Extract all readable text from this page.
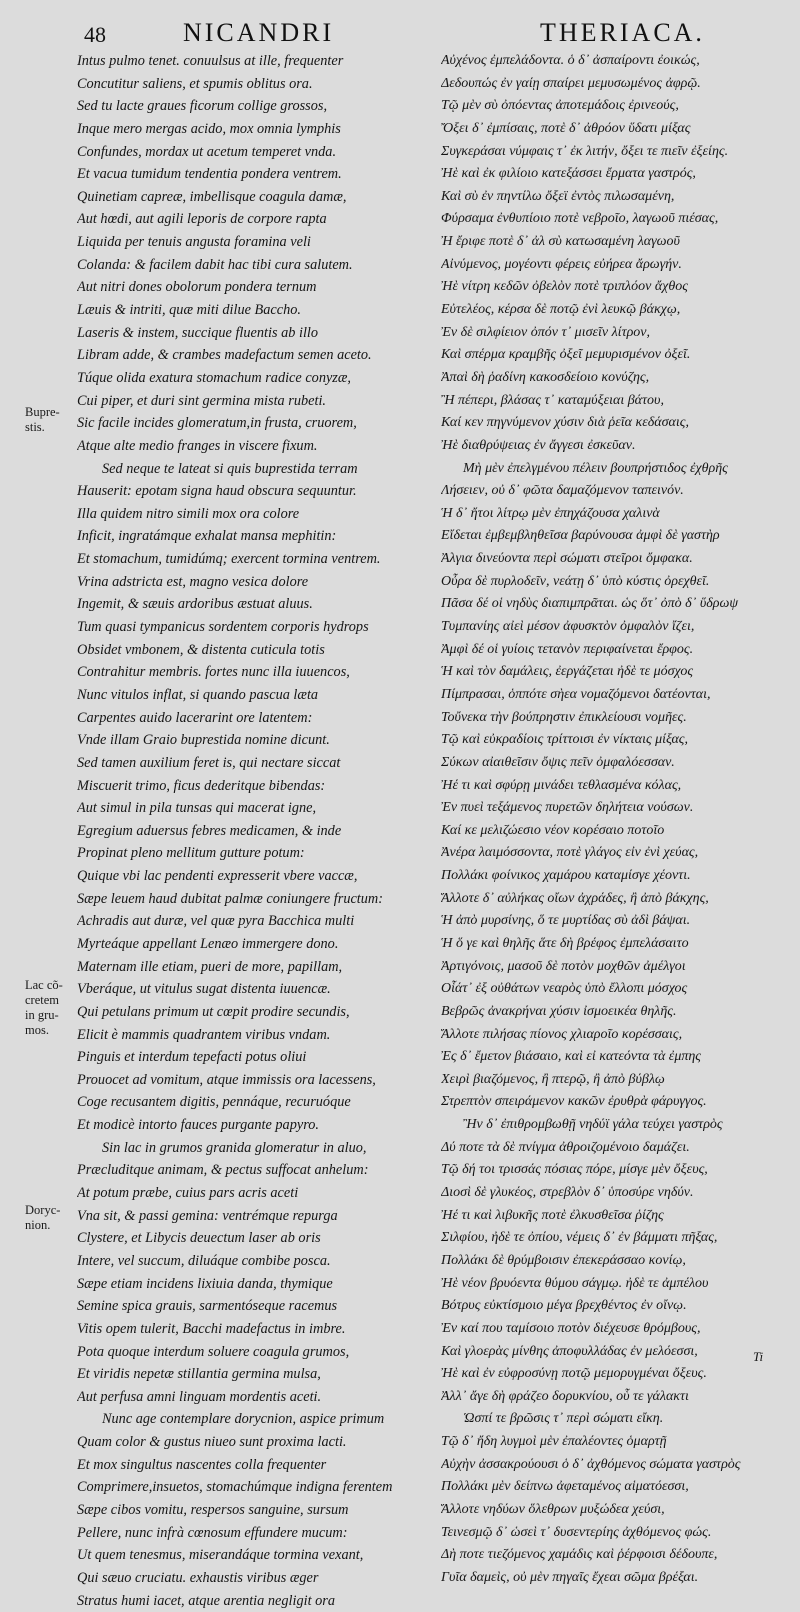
48	NICANDRI	THERIACA.
Bupre-
stis.
Lac cõ-
cretem
in gru-
mos.
Doryc-
nion.
Intus pulmo tenet. conuulsus at ille, frequenter
Concutitur saliens, et spumis oblitus ora.
Sed tu lacte graues ficorum collige grossos,
Inque mero mergas acido, mox omnia lymphis
Confundes, mordax ut acetum temperet vnda.
Et vacua tumidum tendentia pondera ventrem.
Quinetiam capreæ, imbellisque coagula damæ,
Aut hœdi, aut agili leporis de corpore rapta
Liquida per tenuis angusta foramina veli
Colanda: & facilem dabit hac tibi cura salutem.
Aut nitri dones obolorum pondera ternum
Læuis & intriti, quæ miti dilue Baccho.
Laseris & instem, succique fluentis ab illo
Libram adde, & crambes madefactum semen aceto.
Túque olida exatura stomachum radice conyzæ,
Cui piper, et duri sint germina mista rubeti.
Sic facile incides glomeratum,in frusta, cruorem,
Atque alte medio franges in viscere fixum.
Sed neque te lateat si quis buprestida terram
Hauserit: epotam signa haud obscura sequuntur.
Illa quidem nitro simili mox ora colore
Inficit, ingratámque exhalat mansa mephitin:
Et stomachum, tumidúmq; exercent tormina ventrem.
Vrina adstricta est, magno vesica dolore
Ingemit, & sæuis ardoribus æstuat aluus.
Tum quasi tympanicus sordentem corporis hydrops
Obsidet vmbonem, & distenta cuticula totis
Contrahitur membris. fortes nunc illa iuuencos,
Nunc vitulos inflat, si quando pascua læta
Carpentes auido lacerarint ore latentem:
Vnde illam Graio buprestida nomine dicunt.
Sed tamen auxilium feret is, qui nectare siccat
Miscuerit trimo, ficus dederitque bibendas:
Aut simul in pila tunsas qui macerat igne,
Egregium aduersus febres medicamen, & inde
Propinat pleno mellitum gutture potum:
Quique vbi lac pendenti expresserit vbere vaccæ,
Sæpe leuem haud dubitat palmæ coniungere fructum:
Achradis aut duræ, vel quæ pyra Bacchica multi
Myrteáque appellant Lenæo immergere dono.
Maternam ille etiam, pueri de more, papillam,
Vberáque, ut vitulus sugat distenta iuuencæ.
Qui petulans primum ut cœpit prodire secundis,
Elicit è mammis quadrantem viribus vndam.
Pinguis et interdum tepefacti potus oliui
Prouocet ad vomitum, atque immissis ora lacessens,
Coge recusantem digitis, pennáque, recuruóque
Et modicè intorto fauces purgante papyro.
Sin lac in grumos granida glomeratur in aluo,
Præcluditque animam, & pectus suffocat anhelum:
At potum præbe, cuius pars acris aceti
Vna sit, & passi gemina: ventrémque repurga
Clystere, et Libycis deuectum laser ab oris
Intere, vel succum, diluáque combibe posca.
Sæpe etiam incidens lixiuia danda, thymique
Semine spica grauis, sarmentóseque racemus
Vitis opem tulerit, Bacchi madefactus in imbre.
Pota quoque interdum soluere coagula grumos,
Et viridis nepetæ stillantia germina mulsa,
Aut perfusa amni linguam mordentis aceti.
Nunc age contemplare dorycnion, aspice primum
Quam color & gustus niueo sunt proxima lacti.
Et mox singultus nascentes colla frequenter
Comprimere,insuetos, stomachúmque indigna ferentem
Sæpe cibos vomitu, respersos sanguine, sursum
Pellere, nunc infrà cœnosum effundere mucum:
Ut quem tenesmus, miserandáque tormina vexant,
Qui sæuo cruciatu. exhaustis viribus æger
Stratus humi iacet, atque arentia negligit ora
Αὐχένος ἐμπελάδοντα. ὁ δ᾽ ἀσπαίροντι ἐοικώς,
Δεδουπώς ἐν γαίῃ σπαίρει μεμυσωμένος ἀφρῷ.
Τῷ μὲν σὺ ὀπόεντας ἀποτεμάδοις ἐρινεούς,
Ὄξει δ᾽ ἐμπίσαις, ποτὲ δ᾽ ἀθρόον ὕδατι μίξας
Συγκεράσαι νύμφαις τ᾽ ἐκ λιτήν, ὄξει τε πιεῖν ἐξείης.
Ἠὲ καὶ ἐκ φιλίοιο κατεξάσσει ἔρματα γαστρός,
Καὶ σὺ ἐν πηντίλω ὄξεϊ ἐντὸς πιλωσαμένη,
Φύρσαμα ἐνθυπίοιο ποτὲ νεβροῖο, λαγωοῦ πιέσας,
Ἠ ἔριφε ποτὲ δ᾽ ἀλ σὺ κατωσαμένη λαγωοῦ
Αἰνύμενος, μογέοντι φέρεις εὐήρεα ἄρωγήν.
Ἠὲ νίτρη κεδῶν ὀβελὸν ποτὲ τριπλόον ἄχθος
Εὐτελέος, κέρσα δὲ ποτῷ ἐνὶ λευκῷ βάκχῳ,
Ἐν δὲ σιλφίειον ὀπόν τ᾽ μισεῖν λίτρον,
Καὶ σπέρμα κραμβῆς ὀξεῖ μεμυρισμένον ὀξεῖ.
Ἀπαὶ δὴ ῥαδίνη κακοσδείοιο κονύζης,
Ἢ πέπερι, βλάσας τ᾽ καταμύξειαι βάτου,
Καί κεν πηγνύμενον χύσιν διὰ ῥεῖα κεδάσαις,
Ἠὲ διαθρύψειας ἐν ἄγγεσι ἐσκεῦαν.
Μὴ μὲν ἐπελγμένου πέλειν βουπρήστιδος ἐχθρῆς
Λήσειεν, οὐ δ᾽ φῶτα δαμαζόμενον ταπεινόν.
Ἡ δ᾽ ἤτοι λίτρῳ μὲν ἐπηχάζουσα χαλινὰ
Εἴδεται ἐμβεμβληθεῖσα βαρύνουσα ἀμφὶ δὲ γαστὴρ
Ἀλγια δινεύοντα περὶ σώματι στεῖροι ὄμφακα.
Οὖρα δὲ πυρλοδεῖν, νεάτῃ δ᾽ ὑπὸ κύστις ὀρεχθεῖ.
Πᾶσα δέ οἱ νηδὺς διαπιμπρᾶται. ὡς ὅτ᾽ ὀπὸ δ᾽ ὕδρωψ
Τυμπανίης αἰεὶ μέσον ἀφυσκτὸν ὀμφαλὸν ἴζει,
Ἀμφὶ δέ οἱ γυίοις τετανὸν περιφαίνεται ἔρφος.
Ἡ καὶ τὸν δαμάλεις, ἐεργάζεται ἠδὲ τε μόσχος
Πίμπρασαι, ὁππότε σὴεα νομαζόμενοι δατέονται,
Τοὔνεκα τὴν βούπρηστιν ἐπικλείουσι νομῆες.
Τῷ καὶ εὐκραδίοις τρίττοισι ἐν νίκταις μίξας,
Σύκων αἰαιθεῖσιν ὄψις πεῖν ὀμφαλόεσσαν.
Ἠέ τι καὶ σφύρῃ μινάδει τεθλασμένα κόλας,
Ἐν πυεὶ τεξάμενος πυρετῶν δηλήτεια νούσων.
Καί κε μελιζώεσιο νέον κορέσαιο ποτοῖο
Ἀνέρα λαιμόσσοντα, ποτὲ γλάγος εἰν ἐνὶ χεύας,
Πολλάκι φοίνικος χαμάρου καταμίσγε χέοντι.
Ἄλλοτε δ᾽ αὐλήκας οἴων ἀχράδες, ἢ ἀπὸ βάκχης,
Ἡ ἀπὸ μυρσίνης, ὅ τε μυρτίδας σὺ ἀδὶ βάψαι.
Ἡ ὅ γε καὶ θηλῆς ἅτε δὴ βρέφος ἐμπελάσαιτο
Ἀρτιγόνοις, μασοῦ δὲ ποτὸν μοχθῶν ἀμέλγοι
Οἷάτ᾽ ἐξ οὐθάτων νεαρὸς ὑπὸ ἔλλοπι μόσχος
Βεβρῶς ἀνακρήναι χύσιν ἰσμοεικέα θηλῆς.
Ἄλλοτε πιλήσας πίονος χλιαροῖο κορέσσαις,
Ἐς δ᾽ ἔμετον βιάσαιο, καὶ εἰ κατεόντα τὰ ἐμπης
Χειρὶ βιαζόμενος, ἢ πτερῷ, ἢ ἀπὸ βύβλῳ
Στρεπτὸν σπειράμενον κακῶν ἐρυθρὰ φάρυγγος.
Ἢν δ᾽ ἐπιθρομβωθῇ νηδύϊ γάλα τεύχει γαστρὸς
Δύ ποτε τὰ δὲ πνίγμα ἀθροιζομένοιο δαμάζει.
Τῷ δή τοι τρισσάς πόσιας πόρε, μίσγε μὲν ὄξευς,
Διοσὶ δὲ γλυκέος, στρεβλὸν δ᾽ ὑποσύρε νηδύν.
Ἠέ τι καὶ λιβυκῆς ποτὲ ἐλκυσθεῖσα ῥίζης
Σιλφίου, ἠδὲ τε ὀπίου, νέμεις δ᾽ ἐν βάμματι πῆξας,
Πολλάκι δὲ θρύμβοισιν ἐπεκεράσσαο κονίῳ,
Ἠὲ νέον βρυόεντα θύμου σάγμῳ. ἠδὲ τε ἀμπέλου
Βότρυς εὐκτίσμοιο μέγα βρεχθέντος ἐν οἴνῳ.
Ἐν καί που ταμίσοιο ποτὸν διέχευσε θρόμβους,
Καὶ γλοερὰς μίνθης ἀποφυλλάδας ἐν μελόεσσι,
Ἠὲ καὶ ἐν εὐφροσύνῃ ποτῷ μεμορυγμέναι ὄξευς.
Ἀλλ᾽ ἄγε δὴ φράζεο δορυκνίου, οὗ τε γάλακτι
Ὡσπί τε βρῶσις τ᾽ περὶ σώματι εἴκη.
Τῷ δ᾽ ἤδη λυγμοὶ μὲν ἐπαλέοντες ὁμαρτῇ
Αὐχὴν ἀσσακρούουσι ὁ δ᾽ ἀχθόμενος σώματα γαστρὸς
Πολλάκι μὲν δείπνω ἀφεταμένος αἱματόεσσι,
Ἄλλοτε νηδύων ὅλεθρων μυξώδεα χεύσι,
Τεινεσμῷ δ᾽ ὡσεὶ τ᾽ δυσεντερίης ἀχθόμενος φώς.
Δὴ ποτε τιεζόμενος χαμάδις καὶ ῥέρφοισι δέδουπε,
Γυῖα δαμεὶς, οὐ μὲν πηγαῖς ἔχεαι σῶμα βρέξαι.
Ti
